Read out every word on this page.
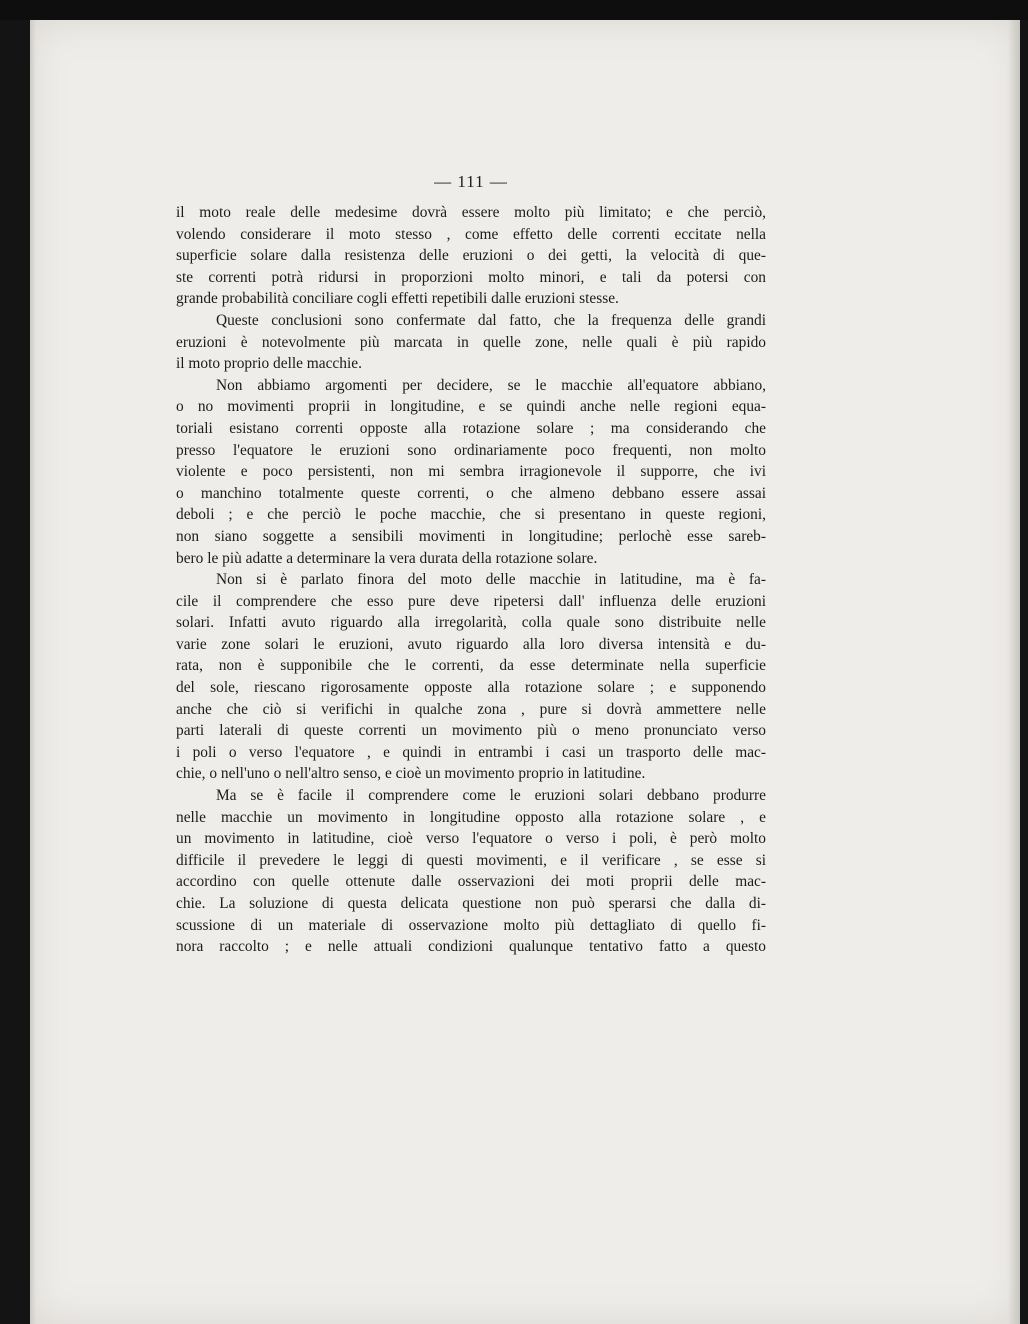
— 111 —
il moto reale delle medesime dovrà essere molto più limitato; e che perciò,
volendo considerare il moto stesso , come effetto delle correnti eccitate nella
superficie solare dalla resistenza delle eruzioni o dei getti, la velocità di que-
ste correnti potrà ridursi in proporzioni molto minori, e tali da potersi con
grande probabilità conciliare cogli effetti repetibili dalle eruzioni stesse.
Queste conclusioni sono confermate dal fatto, che la frequenza delle grandi
eruzioni è notevolmente più marcata in quelle zone, nelle quali è più rapido
il moto proprio delle macchie.
Non abbiamo argomenti per decidere, se le macchie all'equatore abbiano,
o no movimenti proprii in longitudine, e se quindi anche nelle regioni equa-
toriali esistano correnti opposte alla rotazione solare ; ma considerando che
presso l'equatore le eruzioni sono ordinariamente poco frequenti, non molto
violente e poco persistenti, non mi sembra irragionevole il supporre, che ivi
o manchino totalmente queste correnti, o che almeno debbano essere assai
deboli ; e che perciò le poche macchie, che si presentano in queste regioni,
non siano soggette a sensibili movimenti in longitudine; perlochè esse sareb-
bero le più adatte a determinare la vera durata della rotazione solare.
Non si è parlato finora del moto delle macchie in latitudine, ma è fa-
cile il comprendere che esso pure deve ripetersi dall' influenza delle eruzioni
solari. Infatti avuto riguardo alla irregolarità, colla quale sono distribuite nelle
varie zone solari le eruzioni, avuto riguardo alla loro diversa intensità e du-
rata, non è supponibile che le correnti, da esse determinate nella superficie
del sole, riescano rigorosamente opposte alla rotazione solare ; e supponendo
anche che ciò si verifichi in qualche zona , pure si dovrà ammettere nelle
parti laterali di queste correnti un movimento più o meno pronunciato verso
i poli o verso l'equatore , e quindi in entrambi i casi un trasporto delle mac-
chie, o nell'uno o nell'altro senso, e cioè un movimento proprio in latitudine.
Ma se è facile il comprendere come le eruzioni solari debbano produrre
nelle macchie un movimento in longitudine opposto alla rotazione solare , e
un movimento in latitudine, cioè verso l'equatore o verso i poli, è però molto
difficile il prevedere le leggi di questi movimenti, e il verificare , se esse si
accordino con quelle ottenute dalle osservazioni dei moti proprii delle mac-
chie. La soluzione di questa delicata questione non può sperarsi che dalla di-
scussione di un materiale di osservazione molto più dettagliato di quello fi-
nora raccolto ; e nelle attuali condizioni qualunque tentativo fatto a questo
